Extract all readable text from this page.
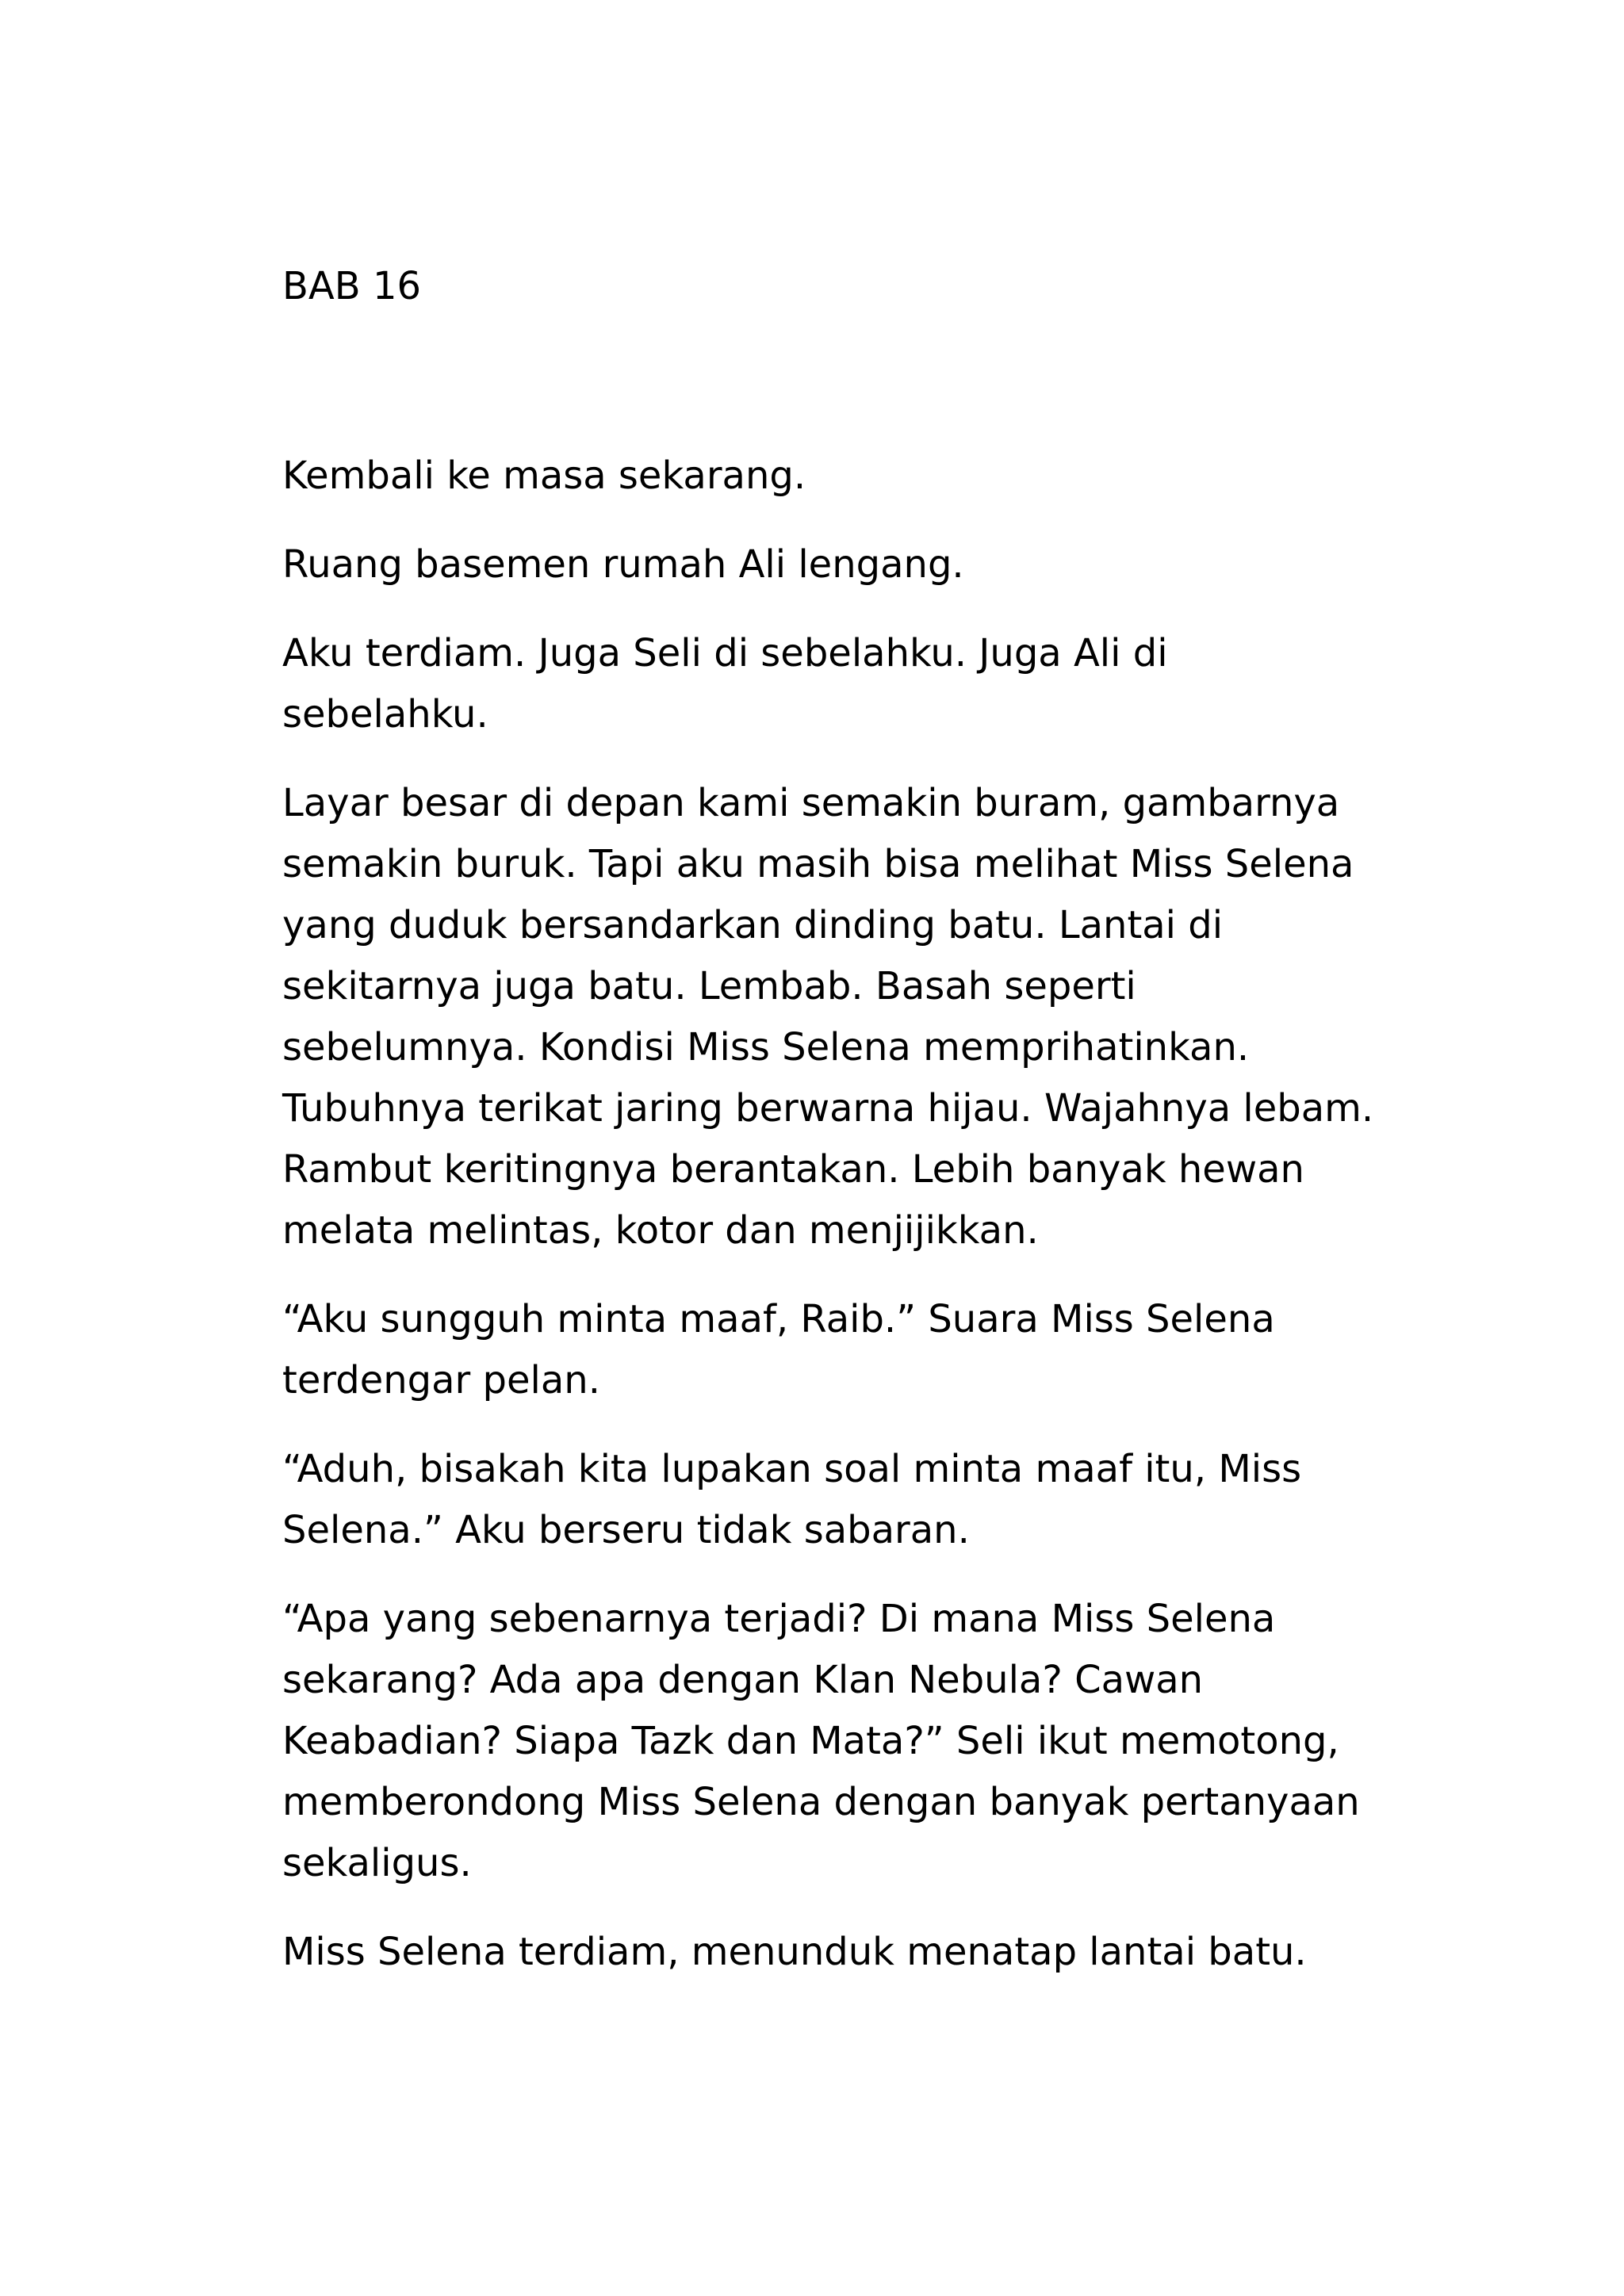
BAB 16

Kembali ke masa sekarang.

Ruang basemen rumah Ali lengang.

Aku terdiam. Juga Seli di sebelahku. Juga Ali di sebelahku.

Layar besar di depan kami semakin buram, gambarnya semakin buruk. Tapi aku masih bisa melihat Miss Selena yang duduk bersandarkan dinding batu. Lantai di sekitarnya juga batu. Lembab. Basah seperti sebelumnya. Kondisi Miss Selena memprihatinkan. Tubuhnya terikat jaring berwarna hijau. Wajahnya lebam. Rambut keritingnya berantakan. Lebih banyak hewan melata melintas, kotor dan menjijikkan.

“Aku sungguh minta maaf, Raib.” Suara Miss Selena terdengar pelan.

“Aduh, bisakah kita lupakan soal minta maaf itu, Miss Selena.” Aku berseru tidak sabaran.

“Apa yang sebenarnya terjadi? Di mana Miss Selena sekarang? Ada apa dengan Klan Nebula? Cawan Keabadian? Siapa Tazk dan Mata?” Seli ikut memotong, memberondong Miss Selena dengan banyak pertanyaan sekaligus.

Miss Selena terdiam, menunduk menatap lantai batu.
